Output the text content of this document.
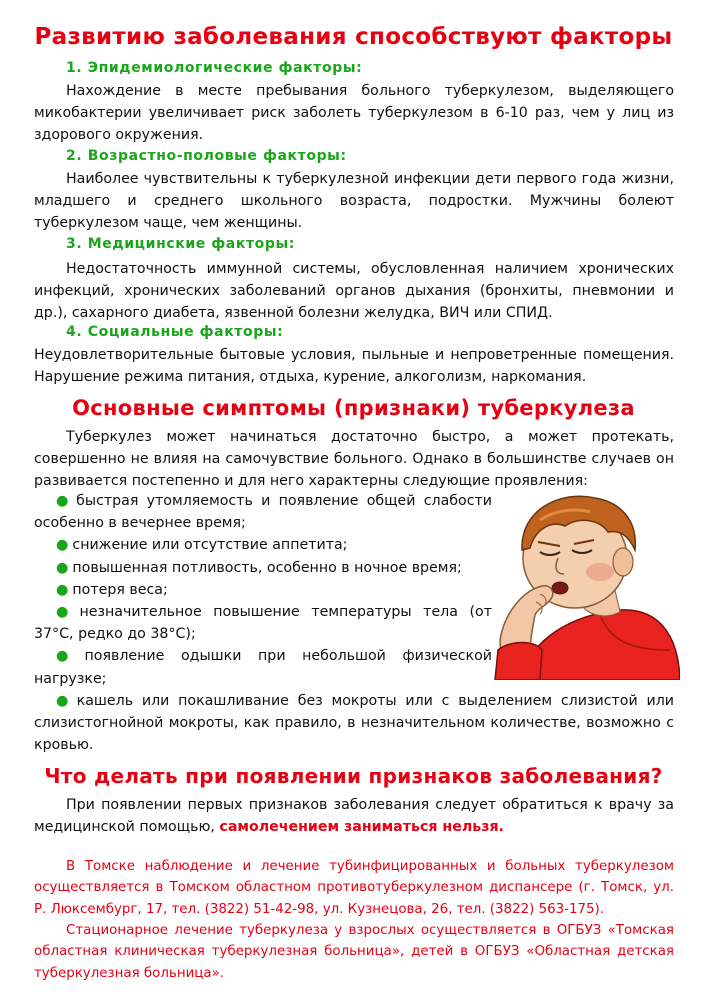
Развитию заболевания способствуют факторы
1. Эпидемиологические факторы:

Нахождение в месте пребывания больного туберкулезом, выделяющего микобактерии увеличивает риск заболеть туберкулезом в 6-10 раз, чем у лиц из здорового окружения.

2. Возрастно-половые факторы:

Наиболее чувствительны к туберкулезной инфекции дети первого года жизни, младшего и среднего школьного возраста, подростки. Мужчины болеют туберкулезом чаще, чем женщины.

3. Медицинские факторы:

Недостаточность иммунной системы, обусловленная наличием хронических инфекций, хронических заболеваний органов дыхания (бронхиты, пневмонии и др.), сахарного диабета, язвенной болезни желудка, ВИЧ или СПИД.

4. Социальные факторы:

Неудовлетворительные бытовые условия, пыльные и непроветренные помещения. Нарушение режима питания, отдыха, курение, алкоголизм, наркомания.

Основные симптомы (признаки) туберкулеза

Туберкулез может начинаться достаточно быстро, а может протекать, совершенно не влияя на самочувствие больного. Однако в большинстве случаев он развивается постепенно и для него характерны следующие проявления:

● быстрая утомляемость и появление общей слабости особенно в вечернее время;
● снижение или отсутствие аппетита;
● повышенная потливость, особенно в ночное время;
● потеря веса;
● незначительное повышение температуры тела (от 37°С, редко до 38°С);
● появление одышки при небольшой физической нагрузке;
● кашель или покашливание без мокроты или с выделением слизистой или слизистогнойной мокроты, как правило, в незначительном количестве, возможно с кровью.
Что делать при появлении признаков заболевания?

При появлении первых признаков заболевания следует обратиться к врачу за медицинской помощью, самолечением заниматься нельзя.

В Томске наблюдение и лечение тубинфицированных и больных туберкулезом осуществляется в Томском областном противотуберкулезном диспансере (г. Томск, ул. Р. Люксембург, 17, тел. (3822) 51-42-98, ул. Кузнецова, 26, тел. (3822) 563-175).

Стационарное лечение туберкулеза у взрослых осуществляется в ОГБУЗ «Томская областная клиническая туберкулезная больница», детей в ОГБУЗ «Областная детская туберкулезная больница».
